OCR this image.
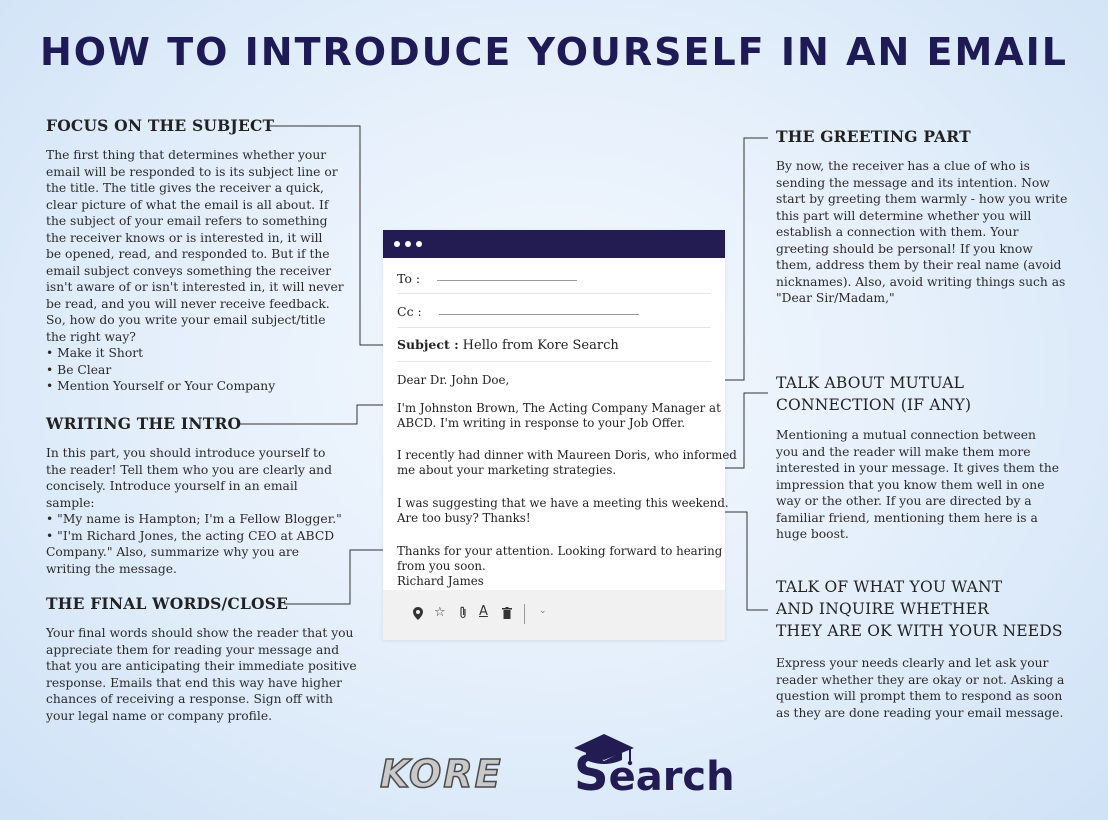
HOW TO INTRODUCE YOURSELF IN AN EMAIL
FOCUS ON THE SUBJECT
The first thing that determines whether your
email will be responded to is its subject line or
the title. The title gives the receiver a quick,
clear picture of what the email is all about. If
the subject of your email refers to something
the receiver knows or is interested in, it will
be opened, read, and responded to. But if the
email subject conveys something the receiver
isn't aware of or isn't interested in, it will never
be read, and you will never receive feedback.
So, how do you write your email subject/title
the right way?
• Make it Short
• Be Clear
• Mention Yourself or Your Company
WRITING THE INTRO
In this part, you should introduce yourself to
the reader! Tell them who you are clearly and
concisely. Introduce yourself in an email
sample:
• "My name is Hampton; I'm a Fellow Blogger."
• "I'm Richard Jones, the acting CEO at ABCD
Company." Also, summarize why you are
writing the message.
THE FINAL WORDS/CLOSE
Your final words should show the reader that you
appreciate them for reading your message and
that you are anticipating their immediate positive
response. Emails that end this way have higher
chances of receiving a response. Sign off with
your legal name or company profile.
THE GREETING PART
By now, the receiver has a clue of who is
sending the message and its intention. Now
start by greeting them warmly - how you write
this part will determine whether you will
establish a connection with them. Your
greeting should be personal! If you know
them, address them by their real name (avoid
nicknames). Also, avoid writing things such as
"Dear Sir/Madam,"
TALK ABOUT MUTUAL
CONNECTION (IF ANY)
Mentioning a mutual connection between
you and the reader will make them more
interested in your message. It gives them the
impression that you know them well in one
way or the other. If you are directed by a
familiar friend, mentioning them here is a
huge boost.
TALK OF WHAT YOU WANT
AND INQUIRE WHETHER
THEY ARE OK WITH YOUR NEEDS
Express your needs clearly and let ask your
reader whether they are okay or not. Asking a
question will prompt them to respond as soon
as they are done reading your email message.
To :
Cc :
Subject : Hello from Kore Search
Dear Dr. John Doe,
I'm Johnston Brown, The Acting Company Manager at
ABCD. I'm writing in response to your Job Offer.
I recently had dinner with Maureen Doris, who informed
me about your marketing strategies.
I was suggesting that we have a meeting this weekend.
Are too busy? Thanks!
Thanks for your attention. Looking forward to hearing
from you soon.
Richard James
☆	A	⌄
KORE Search
